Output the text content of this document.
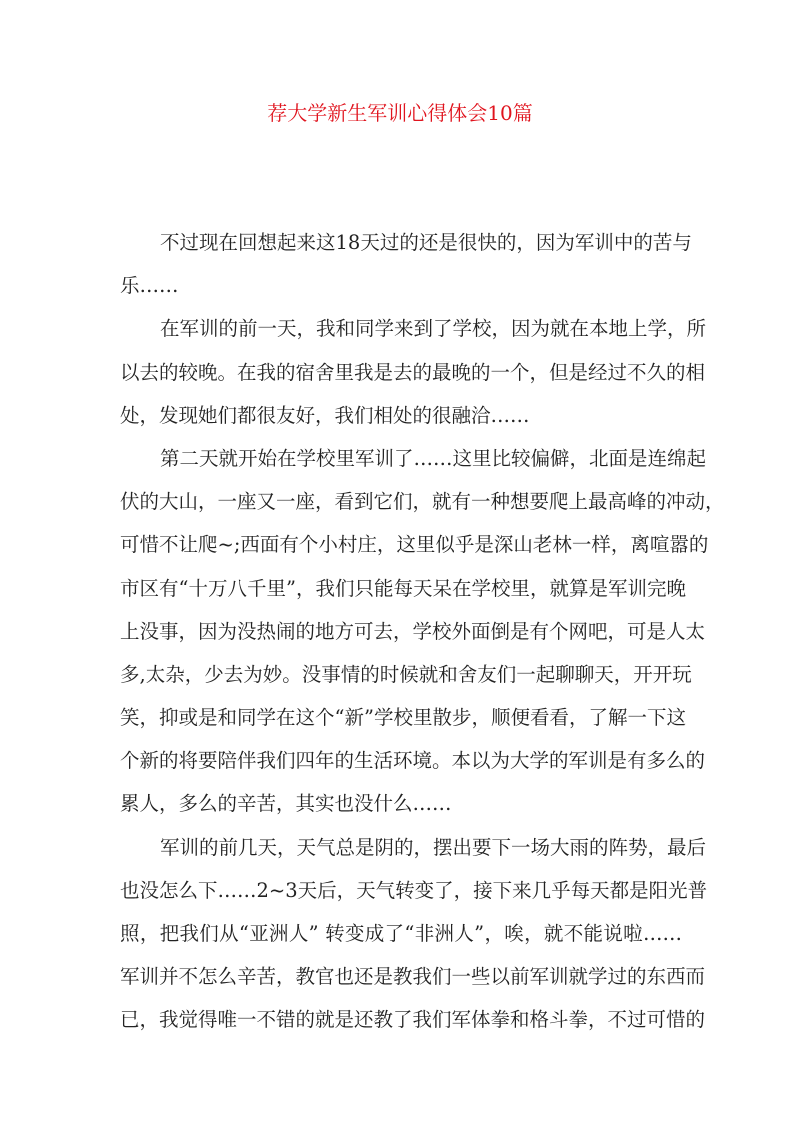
荐大学新生军训心得体会10篇
不过现在回想起来这18天过的还是很快的，因为军训中的苦与
乐……
在军训的前一天，我和同学来到了学校，因为就在本地上学，所
以去的较晚。在我的宿舍里我是去的最晚的一个，但是经过不久的相
处，发现她们都很友好，我们相处的很融洽……
第二天就开始在学校里军训了……这里比较偏僻，北面是连绵起
伏的大山，一座又一座，看到它们，就有一种想要爬上最高峰的冲动，
可惜不让爬~;西面有个小村庄，这里似乎是深山老林一样，离喧嚣的
市区有“十万八千里”，我们只能每天呆在学校里，就算是军训完晚
上没事，因为没热闹的地方可去，学校外面倒是有个网吧，可是人太
多,太杂，少去为妙。没事情的时候就和舍友们一起聊聊天，开开玩
笑，抑或是和同学在这个“新”学校里散步，顺便看看，了解一下这
个新的将要陪伴我们四年的生活环境。本以为大学的军训是有多么的
累人，多么的辛苦，其实也没什么……
军训的前几天，天气总是阴的，摆出要下一场大雨的阵势，最后
也没怎么下……2~3天后，天气转变了，接下来几乎每天都是阳光普
照，把我们从“亚洲人” 转变成了“非洲人”，唉，就不能说啦……
军训并不怎么辛苦，教官也还是教我们一些以前军训就学过的东西而
已，我觉得唯一不错的就是还教了我们军体拳和格斗拳，不过可惜的
